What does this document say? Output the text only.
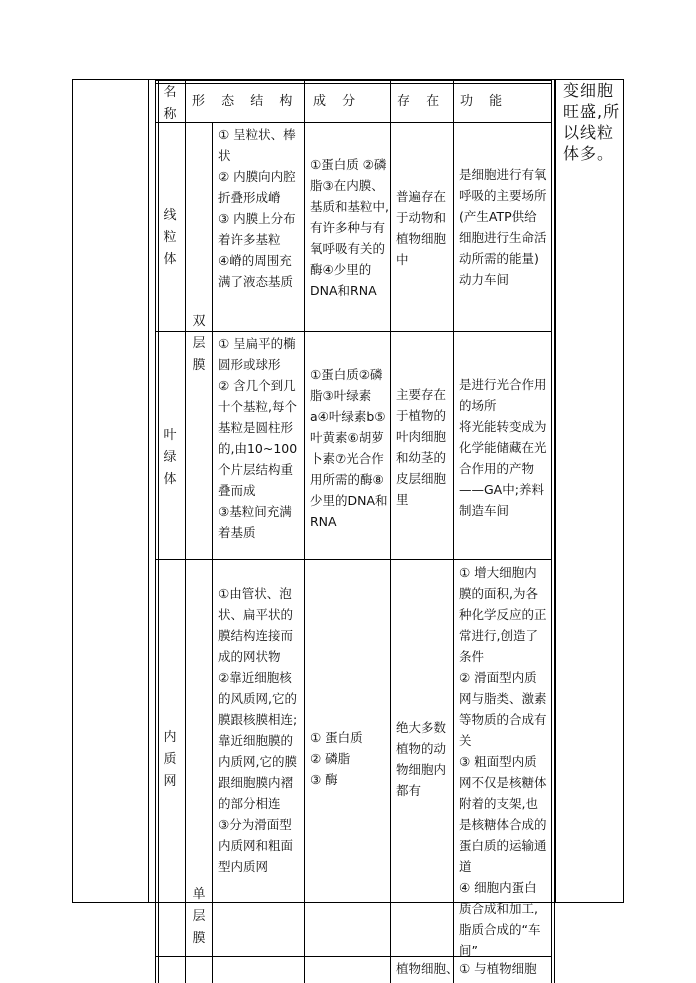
名
称
形 态 结 构 成 分	存 在 功 能
变细胞
旺盛,所
以线粒
体多。
双
层
膜
单
层
膜
线
粒
体
① 呈粒状、棒状
② 内膜向内腔折叠形成嵴
③ 内膜上分布着许多基粒
④嵴的周围充满了液态基质
①蛋白质 ②磷脂③在内膜、基质和基粒中,有许多种与有氧呼吸有关的酶④少里的DNA和RNA
普遍存在于动物和植物细胞中
是细胞进行有氧呼吸的主要场所(产生ATP供给细胞进行生命活动所需的能量)动力车间
叶
绿
体
① 呈扁平的椭圆形或球形
② 含几个到几十个基粒,每个基粒是圆柱形的,由10~100个片层结构重叠而成
③基粒间充满着基质
①蛋白质②磷脂③叶绿素a④叶绿素b⑤叶黄素⑥胡萝卜素⑦光合作用所需的酶⑧少里的DNA和RNA
主要存在于植物的叶肉细胞和幼茎的皮层细胞里
是进行光合作用的场所
将光能转变成为化学能储藏在光合作用的产物——GA中;养料制造车间
内
质
网
①由管状、泡状、扁平状的膜结构连接而成的网状物
②靠近细胞核的风质网,它的膜跟核膜相连;靠近细胞膜的内质网,它的膜跟细胞膜内褶的部分相连
③分为滑面型内质网和粗面型内质网
① 蛋白质
② 磷脂
③ 酶
绝大多数植物的动物细胞内都有
① 增大细胞内膜的面积,为各种化学反应的正常进行,创造了条件
② 滑面型内质网与脂类、激素等物质的合成有关
③ 粗面型内质网不仅是核糖体附着的支架,也是核糖体合成的蛋白质的运输通道
④ 细胞内蛋白质合成和加工,脂质合成的“车间”
植物细胞、 ① 与植物细胞
